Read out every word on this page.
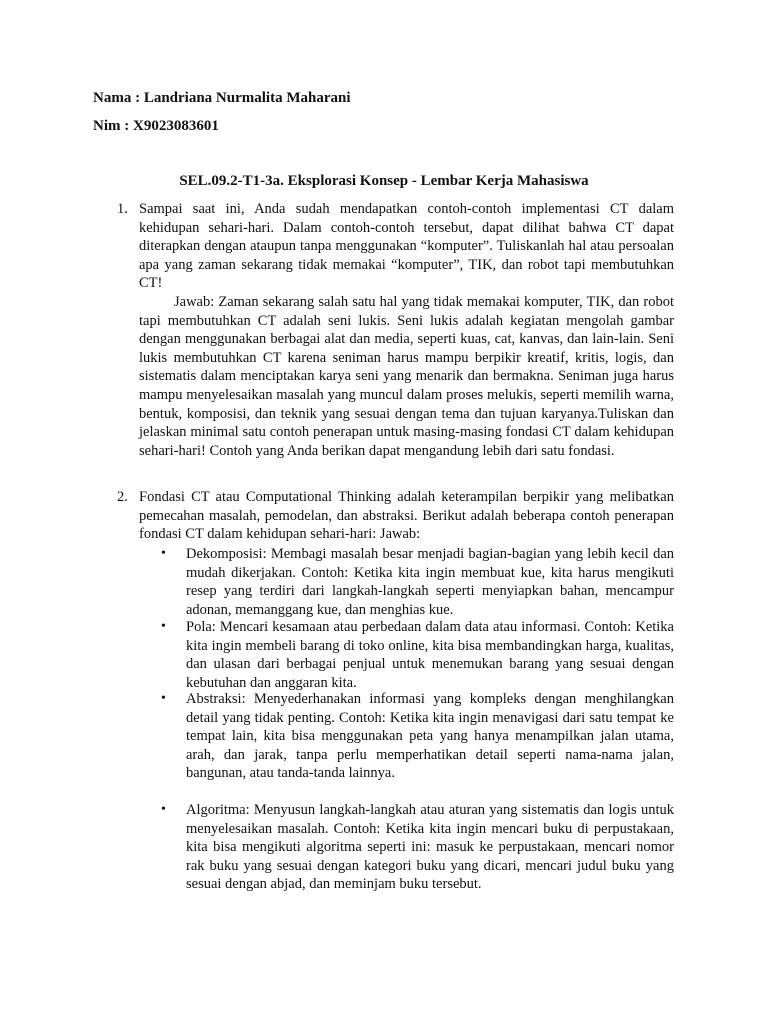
Nama : Landriana Nurmalita Maharani
Nim : X9023083601
SEL.09.2-T1-3a. Eksplorasi Konsep - Lembar Kerja Mahasiswa
1. Sampai saat ini, Anda sudah mendapatkan contoh-contoh implementasi CT dalam kehidupan sehari-hari. Dalam contoh-contoh tersebut, dapat dilihat bahwa CT dapat diterapkan dengan ataupun tanpa menggunakan “komputer”. Tuliskanlah hal atau persoalan apa yang zaman sekarang tidak memakai “komputer”, TIK, dan robot tapi membutuhkan CT!

Jawab: Zaman sekarang salah satu hal yang tidak memakai komputer, TIK, dan robot tapi membutuhkan CT adalah seni lukis. Seni lukis adalah kegiatan mengolah gambar dengan menggunakan berbagai alat dan media, seperti kuas, cat, kanvas, dan lain-lain. Seni lukis membutuhkan CT karena seniman harus mampu berpikir kreatif, kritis, logis, dan sistematis dalam menciptakan karya seni yang menarik dan bermakna. Seniman juga harus mampu menyelesaikan masalah yang muncul dalam proses melukis, seperti memilih warna, bentuk, komposisi, dan teknik yang sesuai dengan tema dan tujuan karyanya.Tuliskan dan jelaskan minimal satu contoh penerapan untuk masing-masing fondasi CT dalam kehidupan sehari-hari! Contoh yang Anda berikan dapat mengandung lebih dari satu fondasi.

2. Fondasi CT atau Computational Thinking adalah keterampilan berpikir yang melibatkan pemecahan masalah, pemodelan, dan abstraksi. Berikut adalah beberapa contoh penerapan fondasi CT dalam kehidupan sehari-hari: Jawab:

• Dekomposisi: Membagi masalah besar menjadi bagian-bagian yang lebih kecil dan mudah dikerjakan. Contoh: Ketika kita ingin membuat kue, kita harus mengikuti resep yang terdiri dari langkah-langkah seperti menyiapkan bahan, mencampur adonan, memanggang kue, dan menghias kue.

• Pola: Mencari kesamaan atau perbedaan dalam data atau informasi. Contoh: Ketika kita ingin membeli barang di toko online, kita bisa membandingkan harga, kualitas, dan ulasan dari berbagai penjual untuk menemukan barang yang sesuai dengan kebutuhan dan anggaran kita.

• Abstraksi: Menyederhanakan informasi yang kompleks dengan menghilangkan detail yang tidak penting. Contoh: Ketika kita ingin menavigasi dari satu tempat ke tempat lain, kita bisa menggunakan peta yang hanya menampilkan jalan utama, arah, dan jarak, tanpa perlu memperhatikan detail seperti nama-nama jalan, bangunan, atau tanda-tanda lainnya.

• Algoritma: Menyusun langkah-langkah atau aturan yang sistematis dan logis untuk menyelesaikan masalah. Contoh: Ketika kita ingin mencari buku di perpustakaan, kita bisa mengikuti algoritma seperti ini: masuk ke perpustakaan, mencari nomor rak buku yang sesuai dengan kategori buku yang dicari, mencari judul buku yang sesuai dengan abjad, dan meminjam buku tersebut.
